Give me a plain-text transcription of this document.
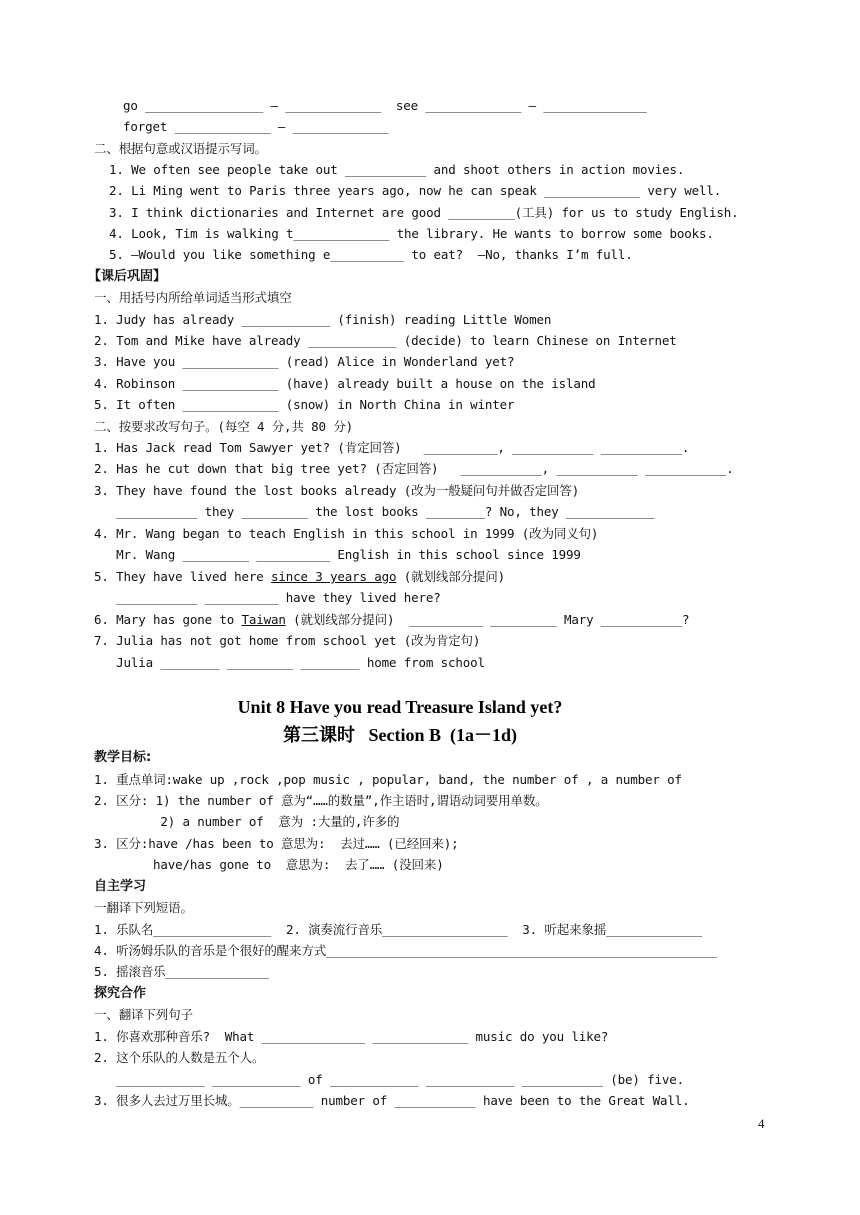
go ________________ — _____________  see _____________ — ______________
forget _____________ — _____________
二、根据句意或汉语提示写词。
1. We often see people take out ___________ and shoot others in action movies.
2. Li Ming went to Paris three years ago, now he can speak _____________ very well.
3. I think dictionaries and Internet are good _________(工具) for us to study English.
4. Look, Tim is walking t_____________ the library. He wants to borrow some books.
5. —Would you like something e__________ to eat?  —No, thanks I’m full.
【课后巩固】
一、用括号内所给单词适当形式填空
1. Judy has already ____________ (finish) reading Little Women
2. Tom and Mike have already ____________ (decide) to learn Chinese on Internet
3. Have you _____________ (read) Alice in Wonderland yet?
4. Robinson _____________ (have) already built a house on the island
5. It often _____________ (snow) in North China in winter
二、按要求改写句子。(每空 4 分,共 80 分)
1. Has Jack read Tom Sawyer yet? (肯定回答)   __________, ___________ ___________.
2. Has he cut down that big tree yet? (否定回答)   ___________, ___________ ___________.
3. They have found the lost books already (改为一般疑问句并做否定回答)
___________ they _________ the lost books ________? No, they ____________
4. Mr. Wang began to teach English in this school in 1999 (改为同义句)
Mr. Wang _________ __________ English in this school since 1999
5. They have lived here since 3 years ago (就划线部分提问)
___________ __________ have they lived here?
6. Mary has gone to Taiwan (就划线部分提问)  __________ _________ Mary ___________?
7. Julia has not got home from school yet (改为肯定句)
Julia ________ _________ ________ home from school
Unit 8 Have you read Treasure Island yet?
第三课时   Section B  (1a－1d)
教学目标:
1. 重点单词:wake up ,rock ,pop music , popular, band, the number of , a number of
2. 区分: 1) the number of 意为“……的数量”,作主语时,谓语动词要用单数。
2) a number of  意为 :大量的,许多的
3. 区分:have /has been to 意思为:  去过…… (已经回来);
have/has gone to  意思为:  去了…… (没回来)
自主学习
一翻译下列短语。
1. 乐队名________________  2. 演奏流行音乐_________________  3. 听起来象摇_____________
4. 听汤姆乐队的音乐是个很好的醒来方式_____________________________________________________
5. 摇滚音乐______________
探究合作
一、翻译下列句子
1. 你喜欢那种音乐?  What ______________ _____________ music do you like?
2. 这个乐队的人数是五个人。
____________ ____________ of ____________ ____________ ___________ (be) five.
3. 很多人去过万里长城。__________ number of ___________ have been to the Great Wall.
4
